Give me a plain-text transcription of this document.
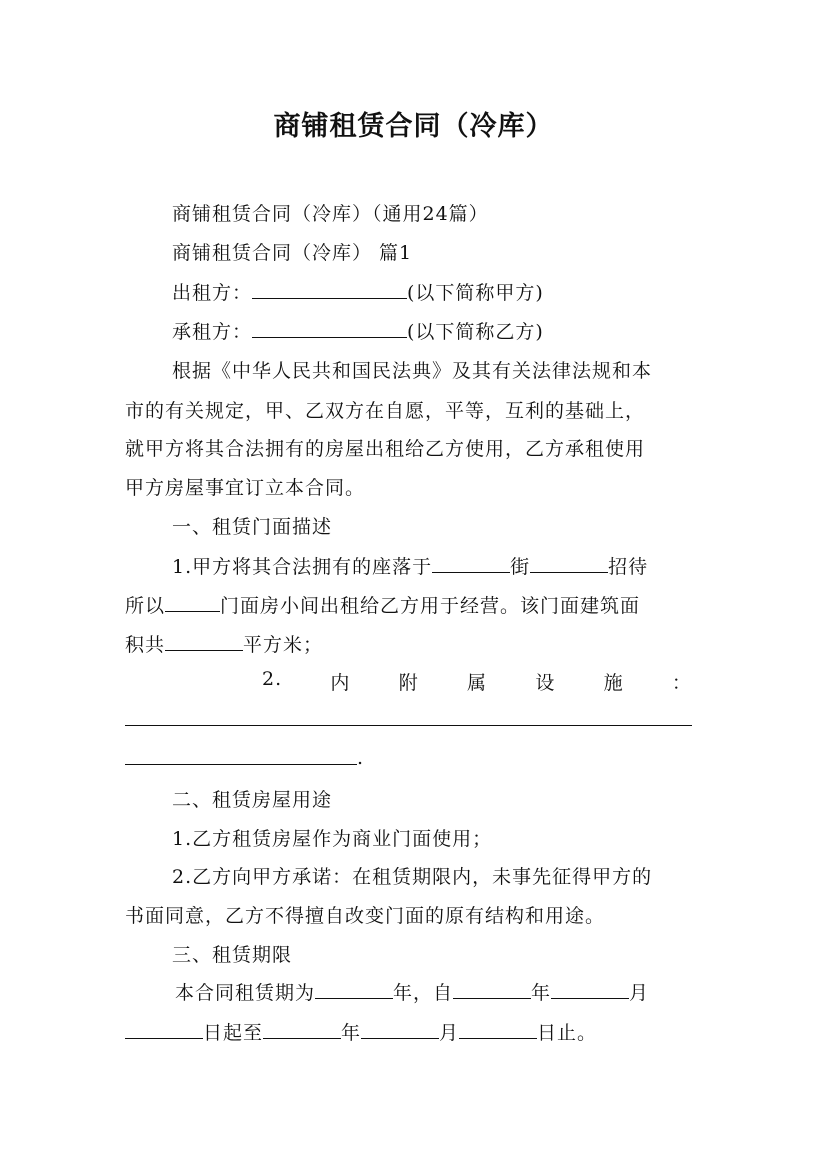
商铺租赁合同（冷库）
商铺租赁合同（冷库）（通用24篇）
商铺租赁合同（冷库） 篇1
出租方：	(以下简称甲方)
承租方：	(以下简称乙方)
根据《中华人民共和国民法典》及其有关法律法规和本
市的有关规定，甲、乙双方在自愿，平等，互利的基础上，
就甲方将其合法拥有的房屋出租给乙方使用，乙方承租使用
甲方房屋事宜订立本合同。
一、租赁门面描述
1.甲方将其合法拥有的座落于	街	招待
所以	门面房小间出租给乙方用于经营。该门面建筑面
积共	平方米；
2.	内	附	属	设	施	：
.
二、租赁房屋用途
1.乙方租赁房屋作为商业门面使用；
2.乙方向甲方承诺：在租赁期限内，未事先征得甲方的
书面同意，乙方不得擅自改变门面的原有结构和用途。
三、租赁期限
本合同租赁期为	年，自	年	月
日起至	年	月	日止。
